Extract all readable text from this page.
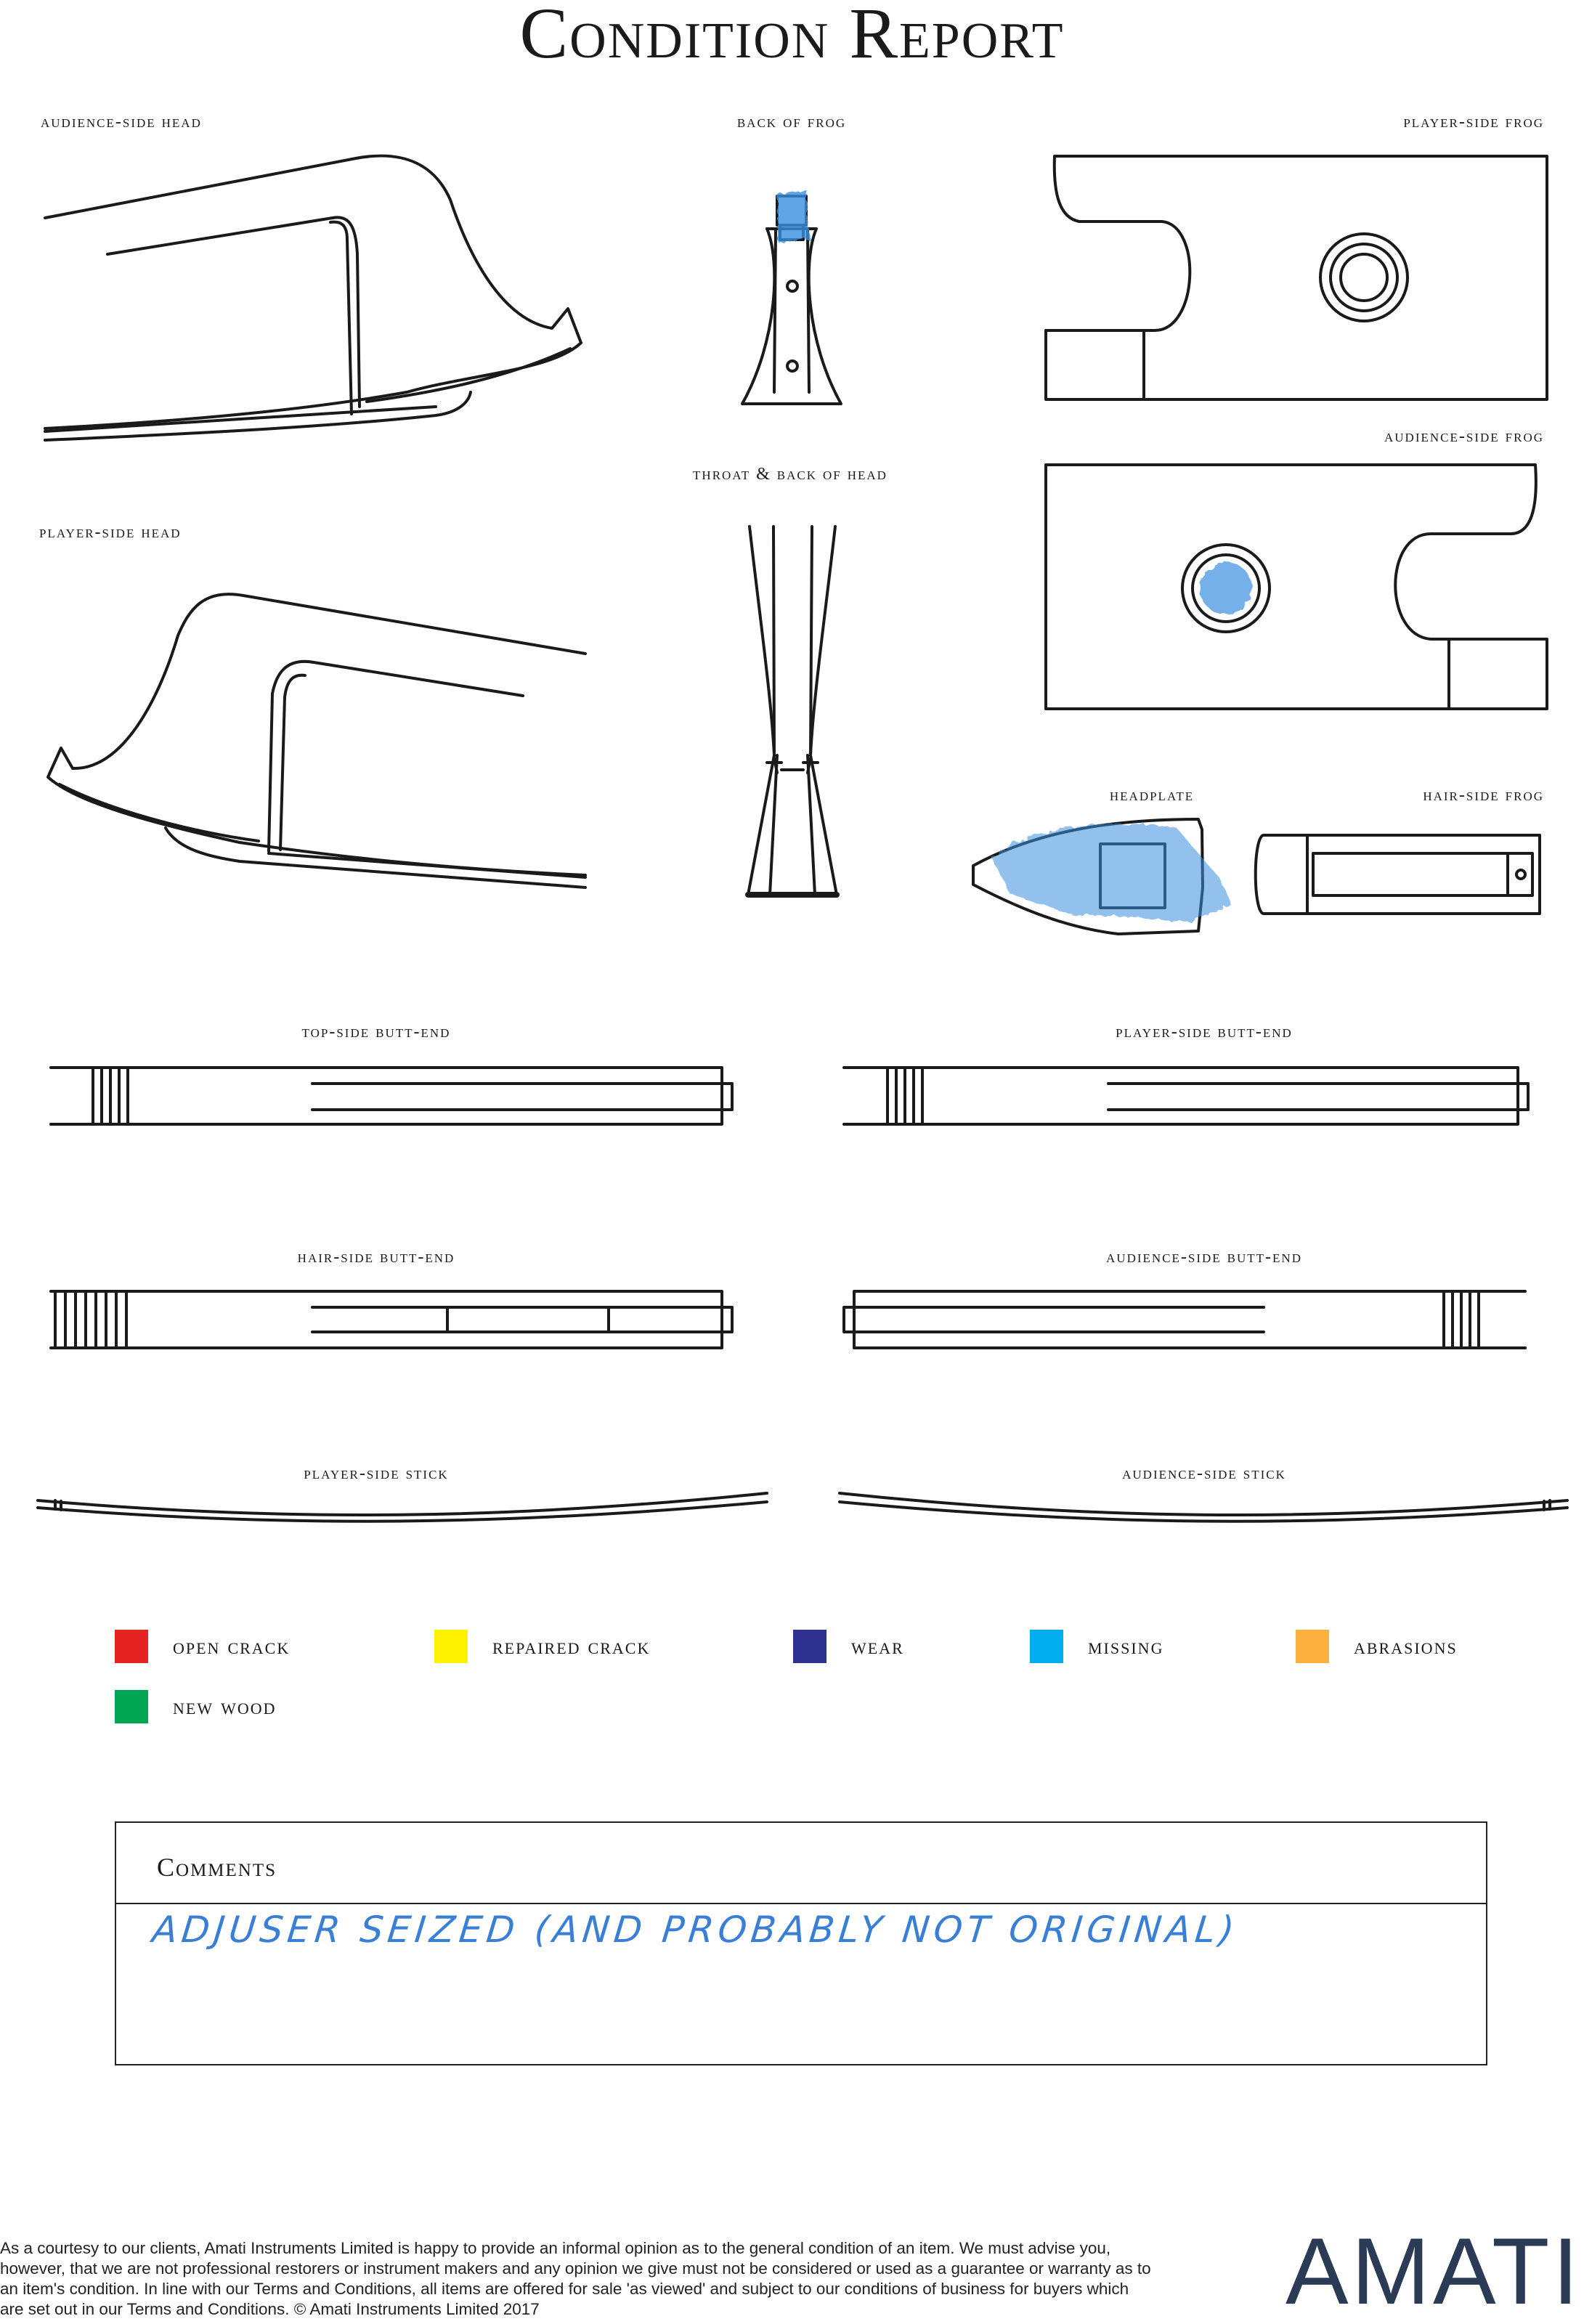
Condition Report
audience-side head	back of frog	player-side frog
audience-side frog
throat & back of head
player-side head
headplate	hair-side frog
top-side butt-end	player-side butt-end
hair-side butt-end	audience-side butt-end
player-side stick	audience-side stick
open crack	repaired crack	wear	missing	abrasions
new wood
Comments
ADJUSER SEIZED (AND PROBABLY NOT ORIGINAL)
As a courtesy to our clients, Amati Instruments Limited is happy to provide an informal opinion as to the general condition of an item. We must advise you, however, that we are not professional restorers or instrument makers and any opinion we give must not be considered or used as a guarantee or warranty as to an item's condition. In line with our Terms and Conditions, all items are offered for sale 'as viewed' and subject to our conditions of business for buyers which are set out in our Terms and Conditions. © Amati Instruments Limited 2017	AMATI
